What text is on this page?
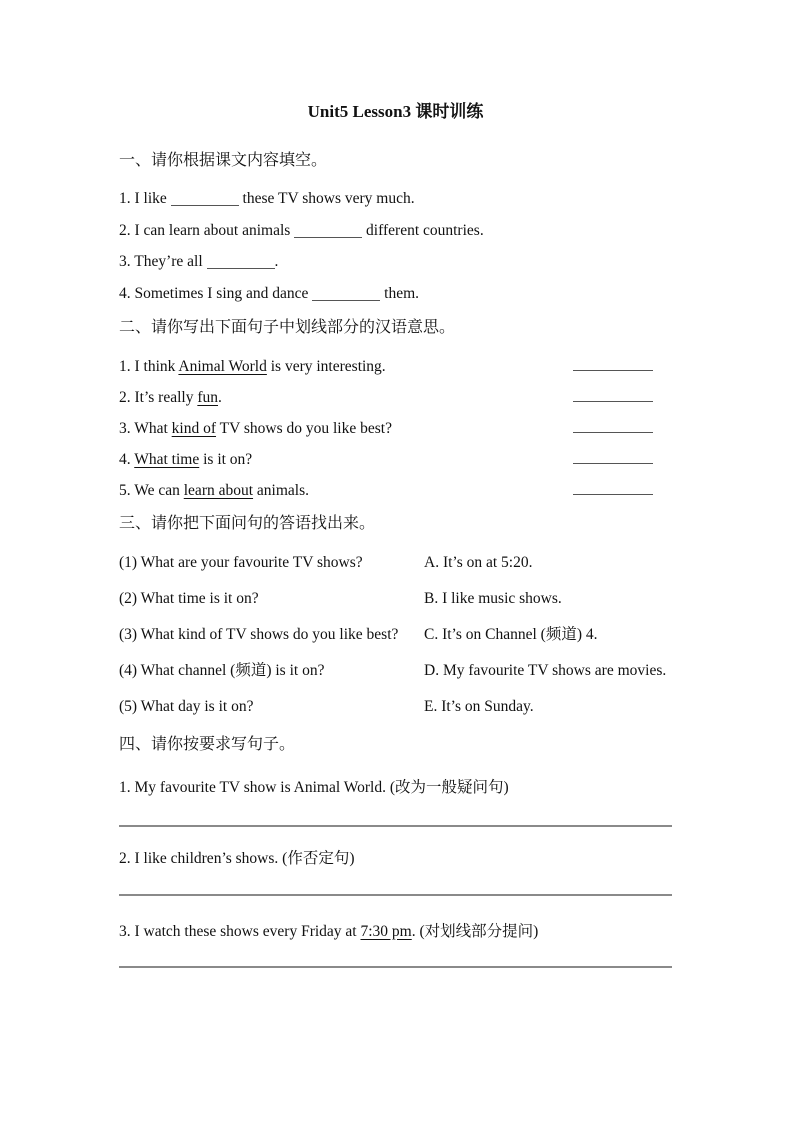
Unit5 Lesson3 课时训练

一、请你根据课文内容填空。

1. I like	these TV shows very much.

2. I can learn about animals	different countries.

3. They’re all	.

4. Sometimes I sing and dance	them.

二、请你写出下面句子中划线部分的汉语意思。

1. I think Animal World is very interesting.
2. It’s really fun.
3. What kind of TV shows do you like best?
4. What time is it on?
5. We can learn about animals.

三、请你把下面问句的答语找出来。

(1) What are your favourite TV shows?	A. It’s on at 5:20.
(2) What time is it on?	B. I like music shows.
(3) What kind of TV shows do you like best?	C. It’s on Channel (频道) 4.
(4) What channel (频道) is it on?	D. My favourite TV shows are movies.
(5) What day is it on?	E. It’s on Sunday.

四、请你按要求写句子。

1. My favourite TV show is Animal World. (改为一般疑问句)

2. I like children’s shows. (作否定句)

3. I watch these shows every Friday at 7:30 pm. (对划线部分提问)
